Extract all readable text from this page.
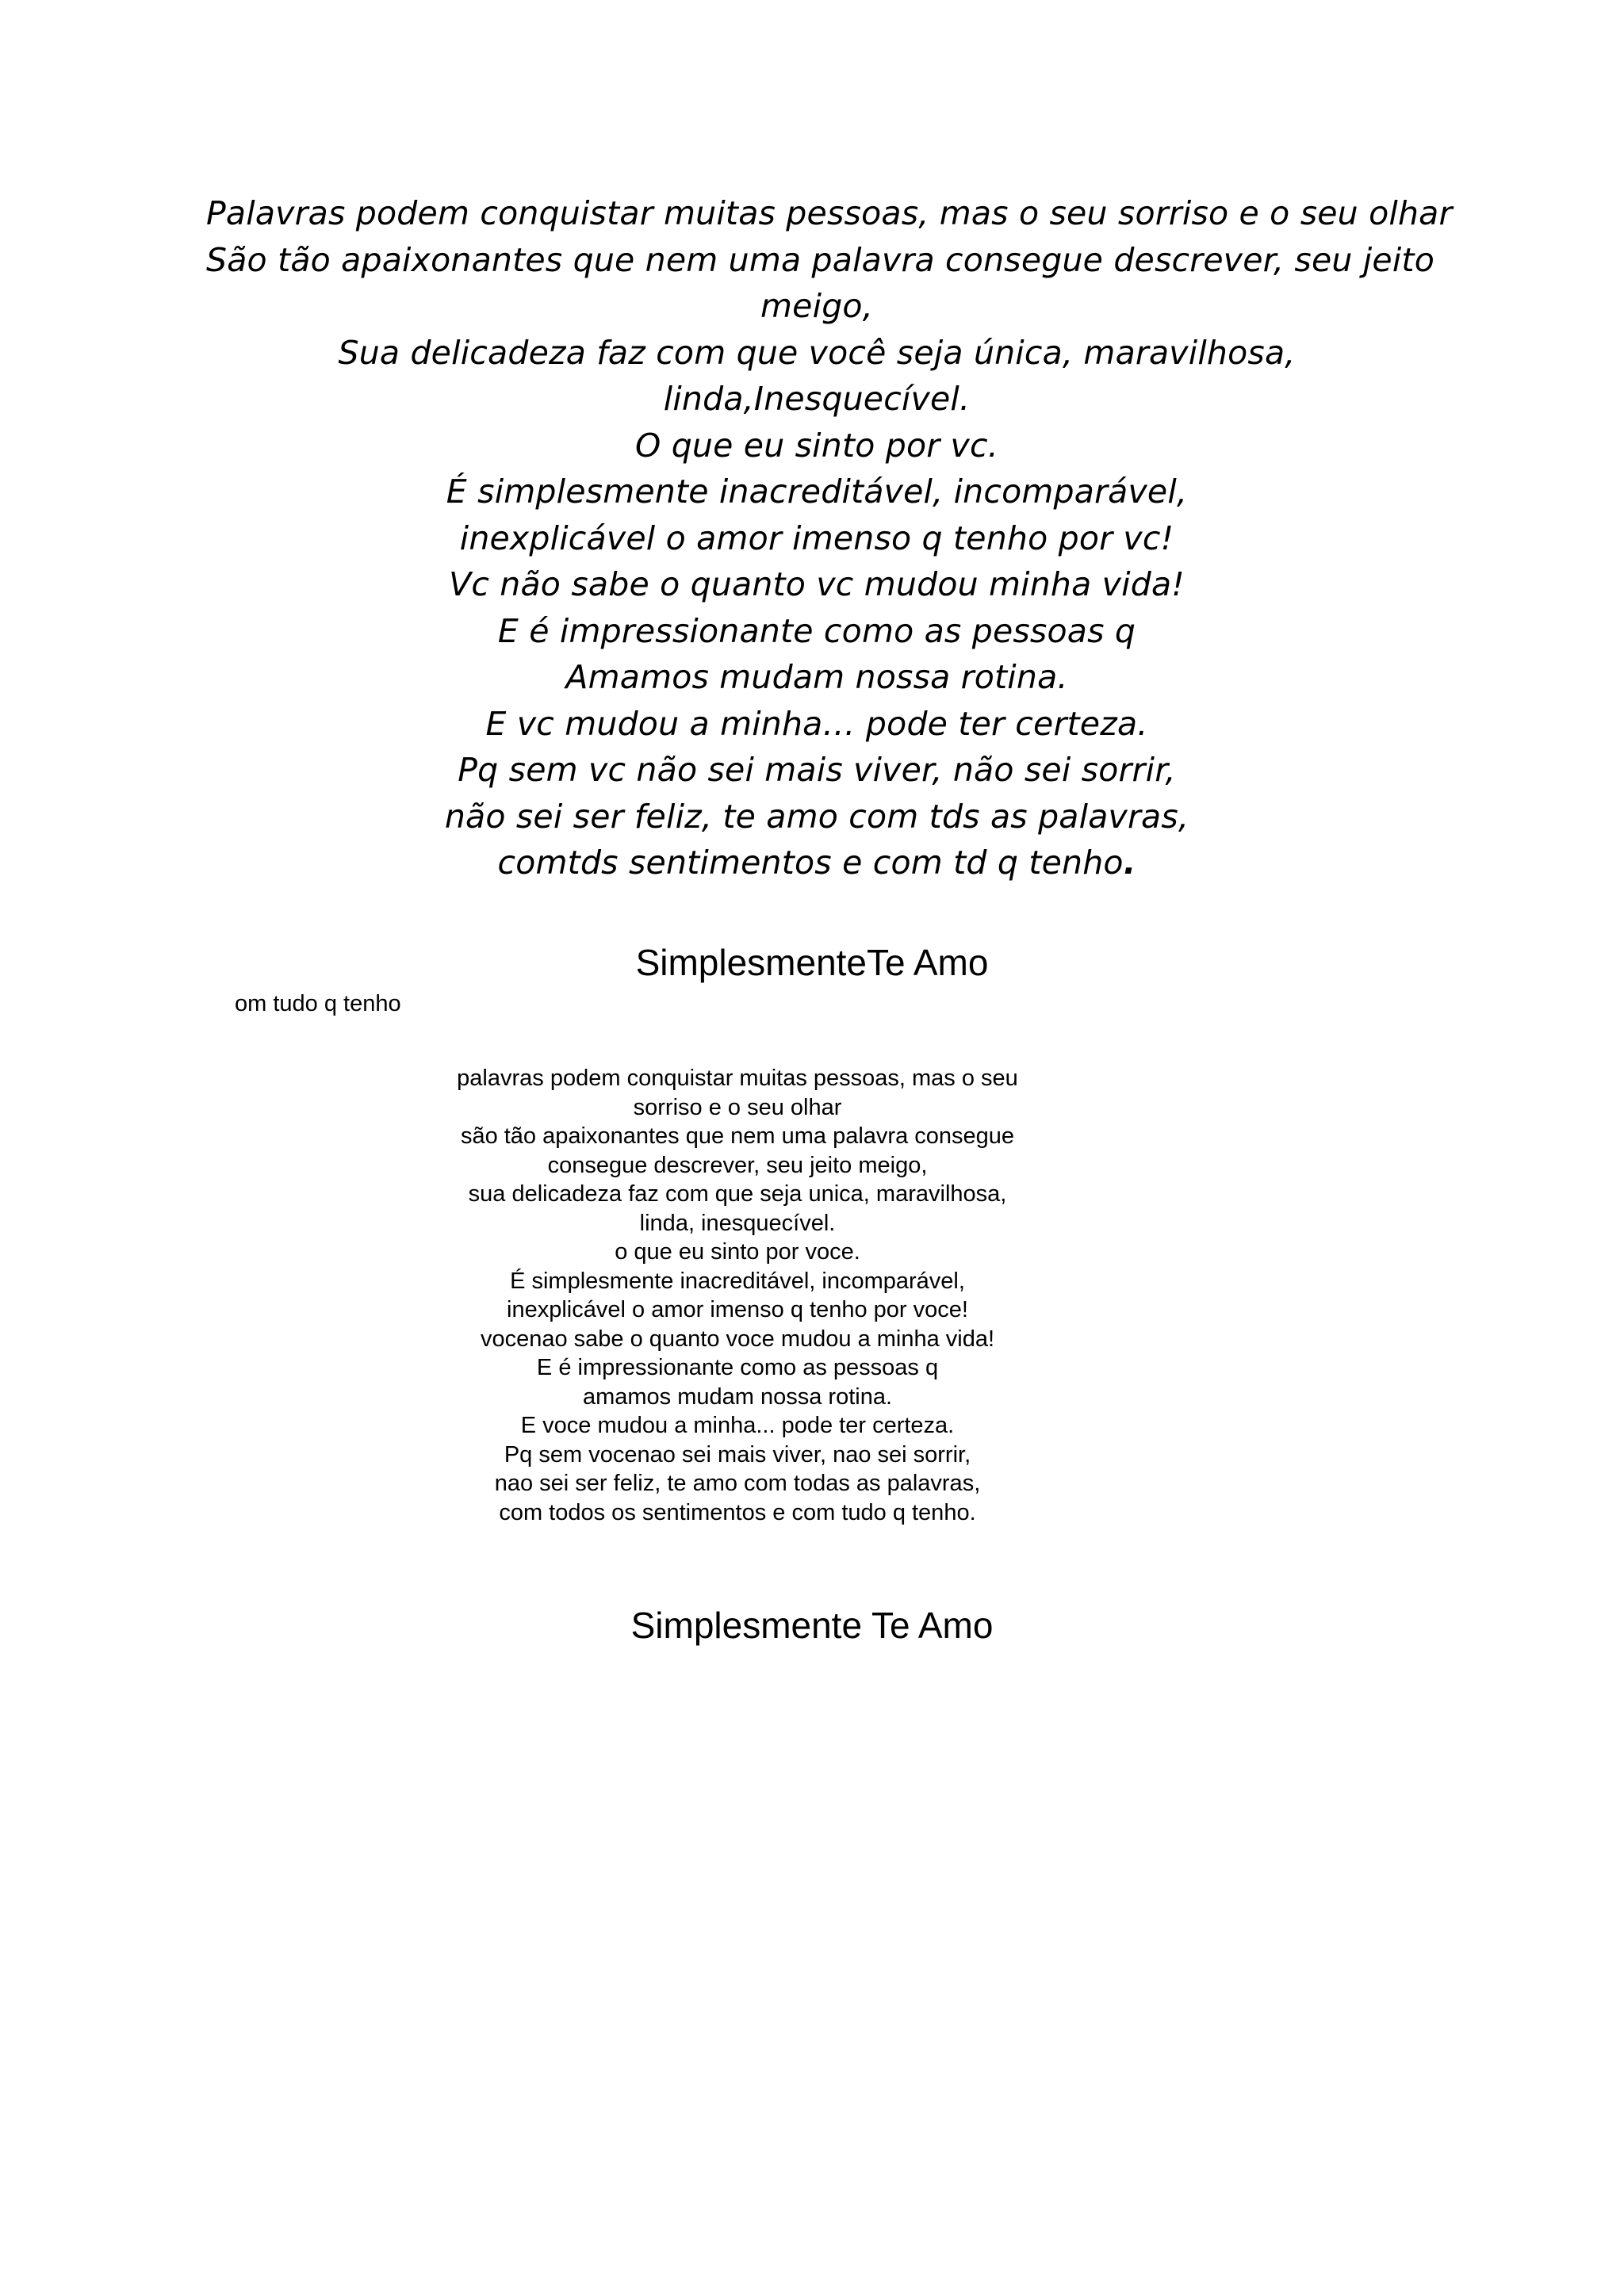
Palavras podem conquistar muitas pessoas, mas o seu sorriso e o seu olhar
São tão apaixonantes que nem uma palavra consegue descrever, seu jeito
meigo,
Sua delicadeza faz com que você seja única, maravilhosa,
linda,Inesquecível.
O que eu sinto por vc.
É simplesmente inacreditável, incomparável,
inexplicável o amor imenso q tenho por vc!
Vc não sabe o quanto vc mudou minha vida!
E é impressionante como as pessoas q
Amamos mudam nossa rotina.
E vc mudou a minha… pode ter certeza.
Pq sem vc não sei mais viver, não sei sorrir,
não sei ser feliz, te amo com tds as palavras,
comtds sentimentos e com td q tenho.
SimplesmenteTe Amo
om tudo q tenho
palavras podem conquistar muitas pessoas, mas o seu
sorriso e o seu olhar
são tão apaixonantes que nem uma palavra consegue
consegue descrever, seu jeito meigo,
sua delicadeza faz com que seja unica, maravilhosa,
linda, inesquecível.
o que eu sinto por voce.
É simplesmente inacreditável, incomparável,
inexplicável o amor imenso q tenho por voce!
vocenao sabe o quanto voce mudou a minha vida!
E é impressionante como as pessoas q
amamos mudam nossa rotina.
E voce mudou a minha... pode ter certeza.
Pq sem vocenao sei mais viver, nao sei sorrir,
nao sei ser feliz, te amo com todas as palavras,
com todos os sentimentos e com tudo q tenho.
Simplesmente Te Amo
